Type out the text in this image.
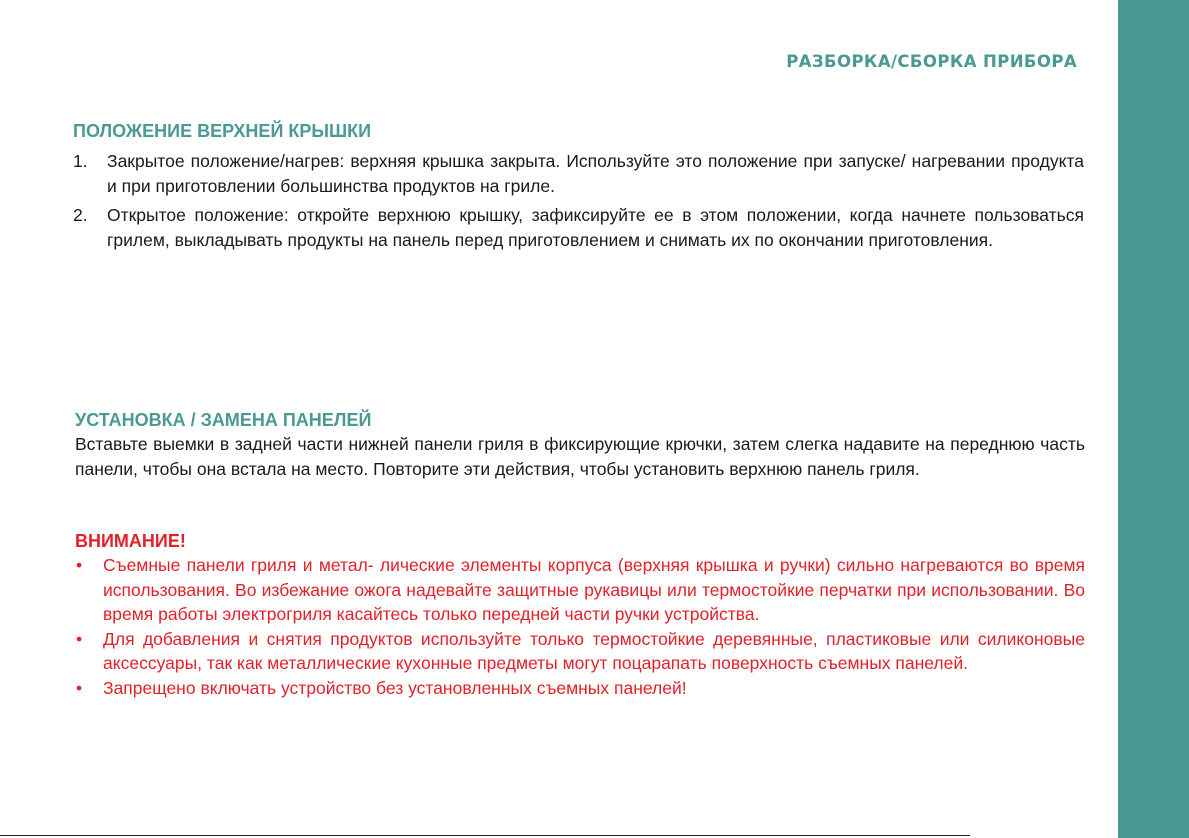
РАЗБОРКА/СБОРКА ПРИБОРА
ПОЛОЖЕНИЕ ВЕРХНЕЙ КРЫШКИ
1. Закрытое положение/нагрев: верхняя крышка закрыта. Используйте это положение при запуске/ нагревании продукта и при приготовлении большинства продуктов на гриле.
2. Открытое положение: откройте верхнюю крышку, зафиксируйте ее в этом положении, когда начнете пользоваться грилем, выкладывать продукты на панель перед приготовлением и снимать их по окончании приготовления.
УСТАНОВКА / ЗАМЕНА ПАНЕЛЕЙ

Вставьте выемки в задней части нижней панели гриля в фиксирующие крючки, затем слегка надавите на переднюю часть панели, чтобы она встала на место. Повторите эти действия, чтобы установить верхнюю панель гриля.

ВНИМАНИЕ!
• Съемные панели гриля и метал- лические элементы корпуса (верхняя крышка и ручки) сильно нагреваются во время использования. Во избежание ожога надевайте защитные рукавицы или термостойкие перчатки при использовании. Во время работы электрогриля касайтесь только передней части ручки устройства.
• Для добавления и снятия продуктов используйте только термостойкие деревянные, пластиковые или силиконовые аксессуары, так как металлические кухонные предметы могут поцарапать поверхность съемных панелей.
• Запрещено включать устройство без установленных съемных панелей!
